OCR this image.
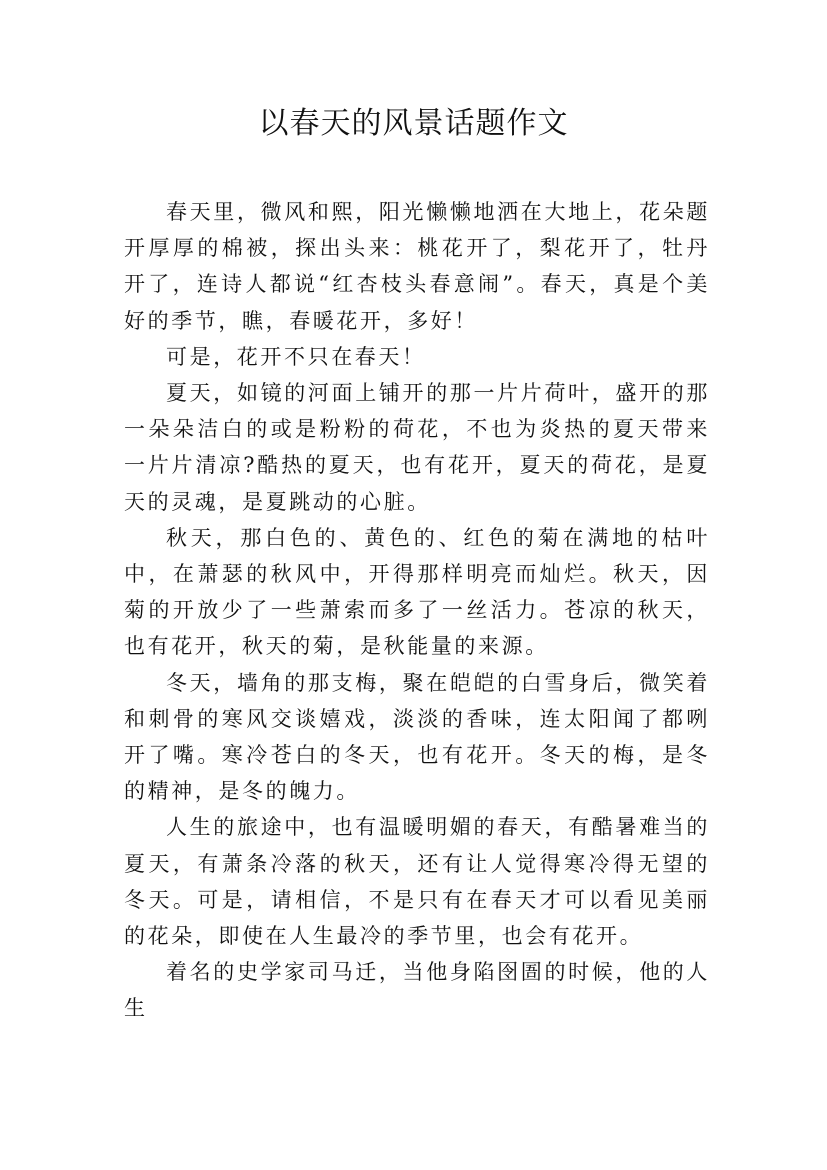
以春天的风景话题作文

春天里，微风和熙，阳光懒懒地洒在大地上，花朵题开厚厚的棉被，探出头来：桃花开了，梨花开了，牡丹开了，连诗人都说“红杏枝头春意闹”。春天，真是个美好的季节，瞧，春暖花开，多好！

可是，花开不只在春天！

夏天，如镜的河面上铺开的那一片片荷叶，盛开的那一朵朵洁白的或是粉粉的荷花，不也为炎热的夏天带来一片片清凉?酷热的夏天，也有花开，夏天的荷花，是夏天的灵魂，是夏跳动的心脏。

秋天，那白色的、黄色的、红色的菊在满地的枯叶中，在萧瑟的秋风中，开得那样明亮而灿烂。秋天，因菊的开放少了一些萧索而多了一丝活力。苍凉的秋天，也有花开，秋天的菊，是秋能量的来源。

冬天，墙角的那支梅，聚在皑皑的白雪身后，微笑着和刺骨的寒风交谈嬉戏，淡淡的香味，连太阳闻了都咧开了嘴。寒冷苍白的冬天，也有花开。冬天的梅，是冬的精神，是冬的魄力。

人生的旅途中，也有温暖明媚的春天，有酷暑难当的夏天，有萧条冷落的秋天，还有让人觉得寒冷得无望的冬天。可是，请相信，不是只有在春天才可以看见美丽的花朵，即使在人生最冷的季节里，也会有花开。

着名的史学家司马迁，当他身陷囹圄的时候，他的人生
